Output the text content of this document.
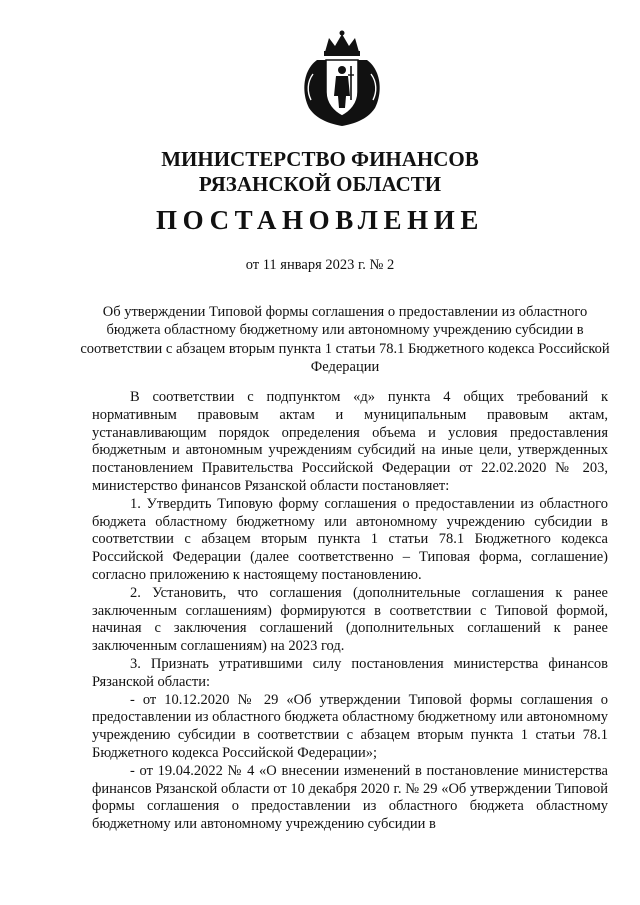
МИНИСТЕРСТВО ФИНАНСОВ
РЯЗАНСКОЙ ОБЛАСТИ
ПОСТАНОВЛЕНИЕ
от 11 января 2023 г. № 2
Об утверждении Типовой формы соглашения о предоставлении из областного бюджета областному бюджетному или автономному учреждению субсидии в соответствии с абзацем вторым пункта 1 статьи 78.1 Бюджетного кодекса Российской Федерации

В соответствии с подпунктом «д» пункта 4 общих требований к нормативным правовым актам и муниципальным правовым актам, устанавливающим порядок определения объема и условия предоставления бюджетным и автономным учреждениям субсидий на иные цели, утвержденных постановлением Правительства Российской Федерации от 22.02.2020 № 203, министерство финансов Рязанской области постановляет:

1. Утвердить Типовую форму соглашения о предоставлении из областного бюджета областному бюджетному или автономному учреждению субсидии в соответствии с абзацем вторым пункта 1 статьи 78.1 Бюджетного кодекса Российской Федерации (далее соответственно – Типовая форма, соглашение) согласно приложению к настоящему постановлению.

2. Установить, что соглашения (дополнительные соглашения к ранее заключенным соглашениям) формируются в соответствии с Типовой формой, начиная с заключения соглашений (дополнительных соглашений к ранее заключенным соглашениям) на 2023 год.

3. Признать утратившими силу постановления министерства финансов Рязанской области:

- от 10.12.2020 № 29 «Об утверждении Типовой формы соглашения о предоставлении из областного бюджета областному бюджетному или автономному учреждению субсидии в соответствии с абзацем вторым пункта 1 статьи 78.1 Бюджетного кодекса Российской Федерации»;

- от 19.04.2022 № 4 «О внесении изменений в постановление министерства финансов Рязанской области от 10 декабря 2020 г. № 29 «Об утверждении Типовой формы соглашения о предоставлении из областного бюджета областному бюджетному или автономному учреждению субсидии в
